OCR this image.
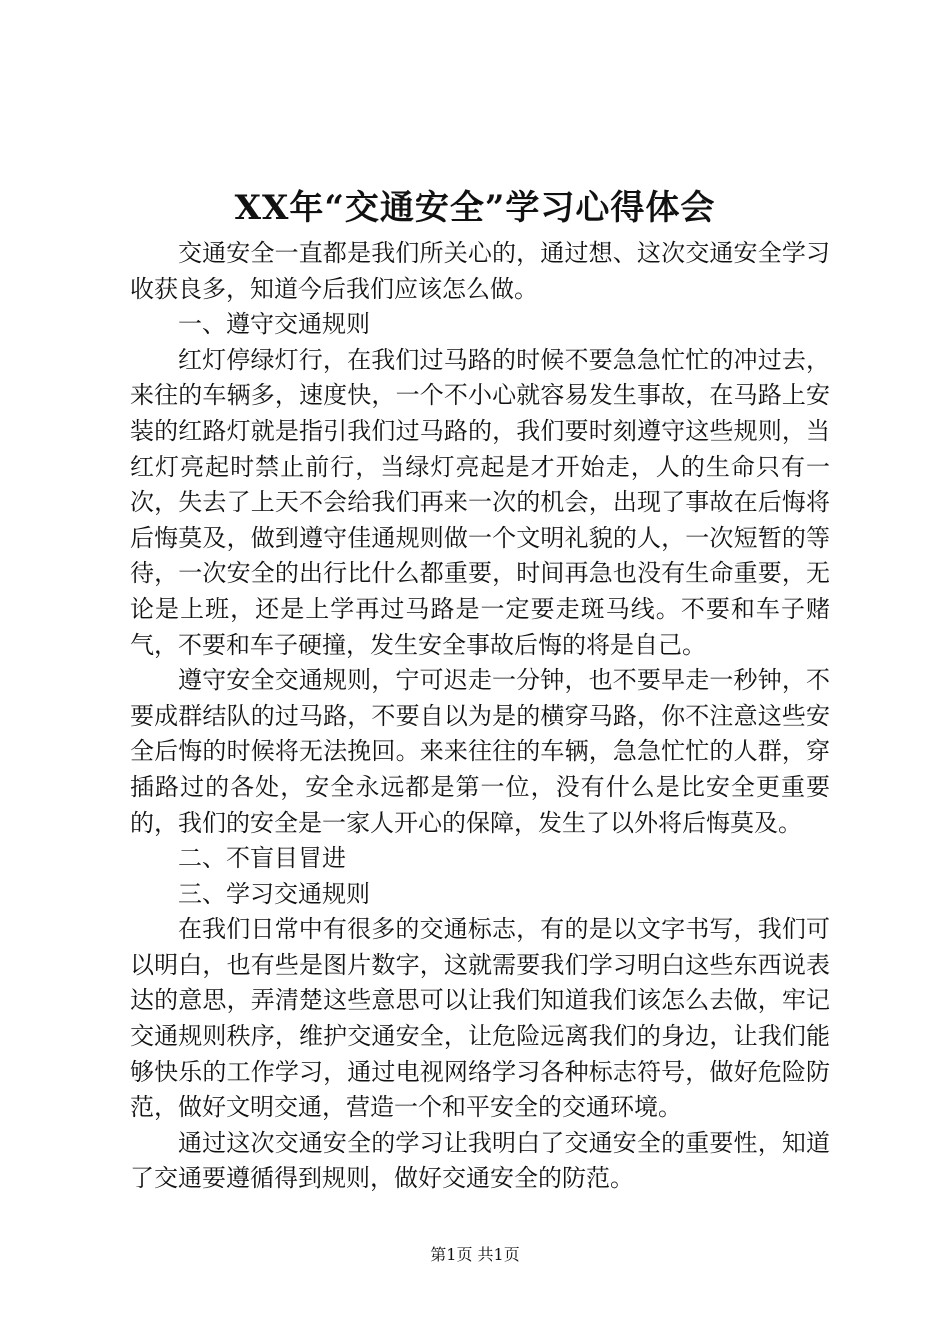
XX年“交通安全”学习心得体会

交通安全一直都是我们所关心的，通过想、这次交通安全学习收获良多，知道今后我们应该怎么做。

一、遵守交通规则

红灯停绿灯行，在我们过马路的时候不要急急忙忙的冲过去，来往的车辆多，速度快，一个不小心就容易发生事故，在马路上安装的红路灯就是指引我们过马路的，我们要时刻遵守这些规则，当红灯亮起时禁止前行，当绿灯亮起是才开始走，人的生命只有一次，失去了上天不会给我们再来一次的机会，出现了事故在后悔将后悔莫及，做到遵守佳通规则做一个文明礼貌的人，一次短暂的等待，一次安全的出行比什么都重要，时间再急也没有生命重要，无论是上班，还是上学再过马路是一定要走斑马线。不要和车子赌气，不要和车子硬撞，发生安全事故后悔的将是自己。

遵守安全交通规则，宁可迟走一分钟，也不要早走一秒钟，不要成群结队的过马路，不要自以为是的横穿马路，你不注意这些安全后悔的时候将无法挽回。来来往往的车辆，急急忙忙的人群，穿插路过的各处，安全永远都是第一位，没有什么是比安全更重要的，我们的安全是一家人开心的保障，发生了以外将后悔莫及。

二、不盲目冒进

三、学习交通规则

在我们日常中有很多的交通标志，有的是以文字书写，我们可以明白，也有些是图片数字，这就需要我们学习明白这些东西说表达的意思，弄清楚这些意思可以让我们知道我们该怎么去做，牢记交通规则秩序，维护交通安全，让危险远离我们的身边，让我们能够快乐的工作学习，通过电视网络学习各种标志符号，做好危险防范，做好文明交通，营造一个和平安全的交通环境。

通过这次交通安全的学习让我明白了交通安全的重要性，知道了交通要遵循得到规则，做好交通安全的防范。

第1页 共1页
